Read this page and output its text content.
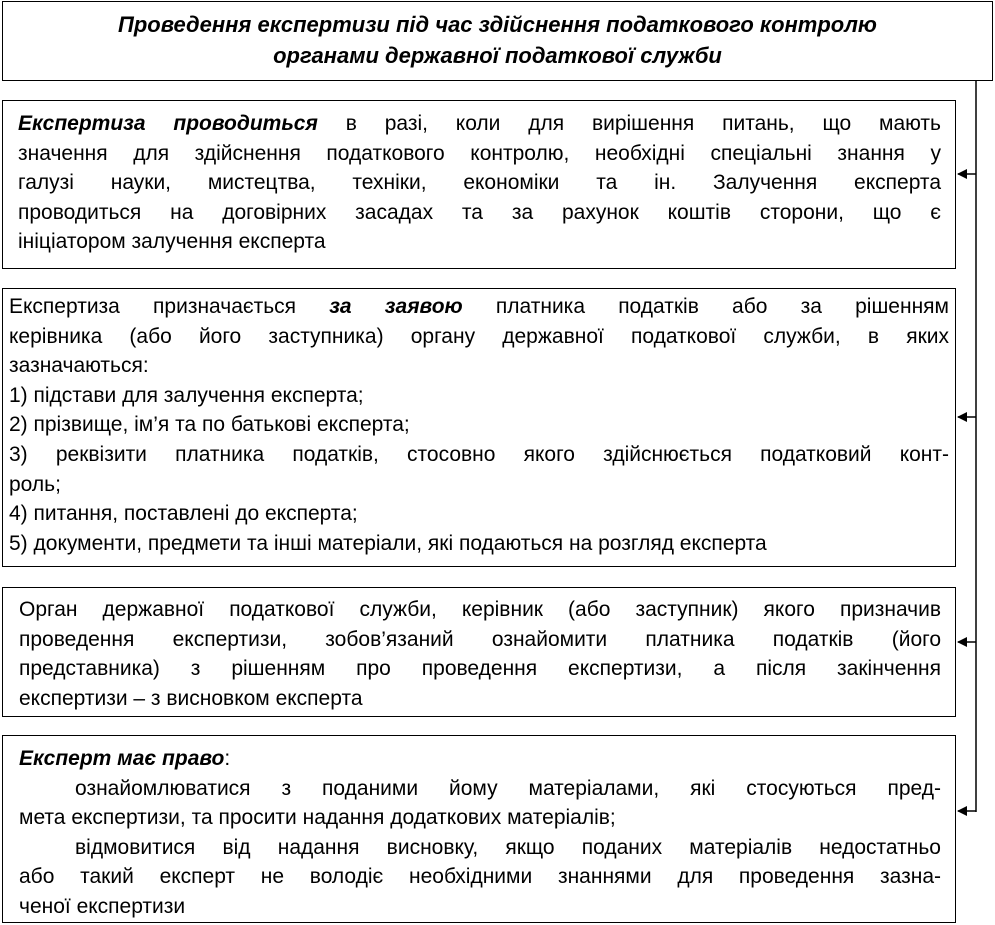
Проведення експертизи під час здійснення податкового контролю
органами державної податкової служби
Експертиза проводиться в разі, коли для вирішення питань, що мають
значення для здійснення податкового контролю, необхідні спеціальні знання у
галузі науки, мистецтва, техніки, економіки та ін. Залучення експерта
проводиться на договірних засадах та за рахунок коштів сторони, що є
ініціатором залучення експерта
Експертиза призначається за заявою платника податків або за рішенням
керівника (або його заступника) органу державної податкової служби, в яких
зазначаються:
1) підстави для залучення експерта;
2) прізвище, ім’я та по батькові експерта;
3) реквізити платника податків, стосовно якого здійснюється податковий конт-
роль;
4) питання, поставлені до експерта;
5) документи, предмети та інші матеріали, які подаються на розгляд експерта
Орган державної податкової служби, керівник (або заступник) якого призначив
проведення експертизи, зобов’язаний ознайомити платника податків (його
представника) з рішенням про проведення експертизи, а після закінчення
експертизи – з висновком експерта
Експерт має право:
ознайомлюватися з поданими йому матеріалами, які стосуються пред-
мета експертизи, та просити надання додаткових матеріалів;
відмовитися від надання висновку, якщо поданих матеріалів недостатньо
або такий експерт не володіє необхідними знаннями для проведення зазна-
ченої експертизи
